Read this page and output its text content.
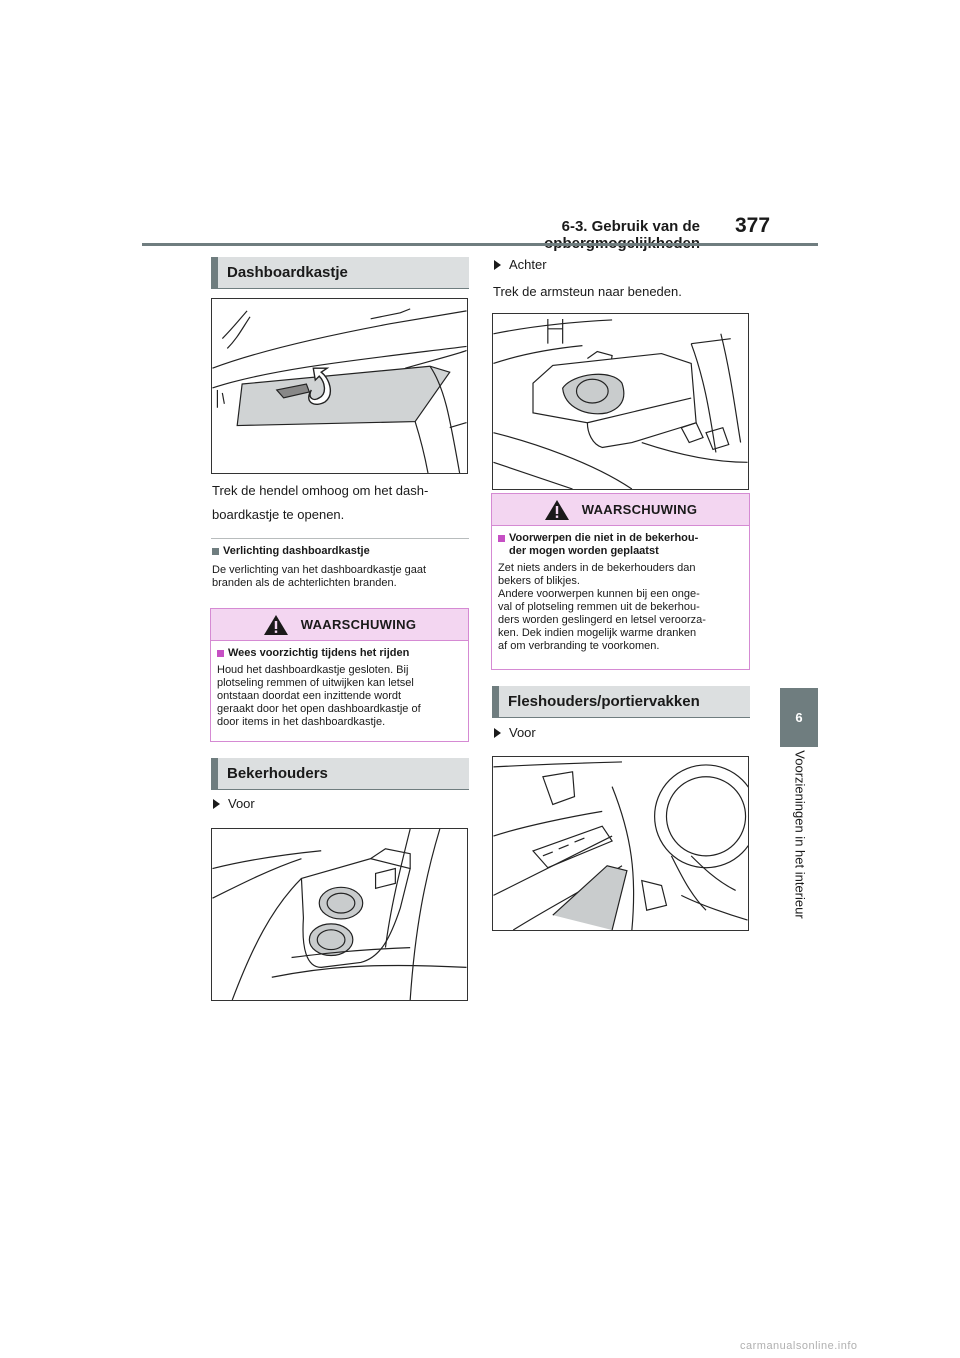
6-3. Gebruik van de 377
6
Voorzieningen in het interieur
Dashboardkastje
Trek de hendel omhoog om het dash-
boardkastje te openen.
Verlichting dashboardkastje
De verlichting van het dashboardkastje gaat
branden als de achterlichten branden.
WAARSCHUWING
Wees voorzichtig tijdens het rijden
Houd het dashboardkastje gesloten. Bij
plotseling remmen of uitwijken kan letsel
ontstaan doordat een inzittende wordt
geraakt door het open dashboardkastje of
door items in het dashboardkastje.
Bekerhouders
Voor
Achter
Trek de armsteun naar beneden.
WAARSCHUWING
Voorwerpen die niet in de bekerhou-
der mogen worden geplaatst
Zet niets anders in de bekerhouders dan
bekers of blikjes.
Andere voorwerpen kunnen bij een onge-
val of plotseling remmen uit de bekerhou-
ders worden geslingerd en letsel veroorza-
ken. Dek indien mogelijk warme dranken
af om verbranding te voorkomen.
Fleshouders/portiervakken
Voor
carmanualsonline.info
